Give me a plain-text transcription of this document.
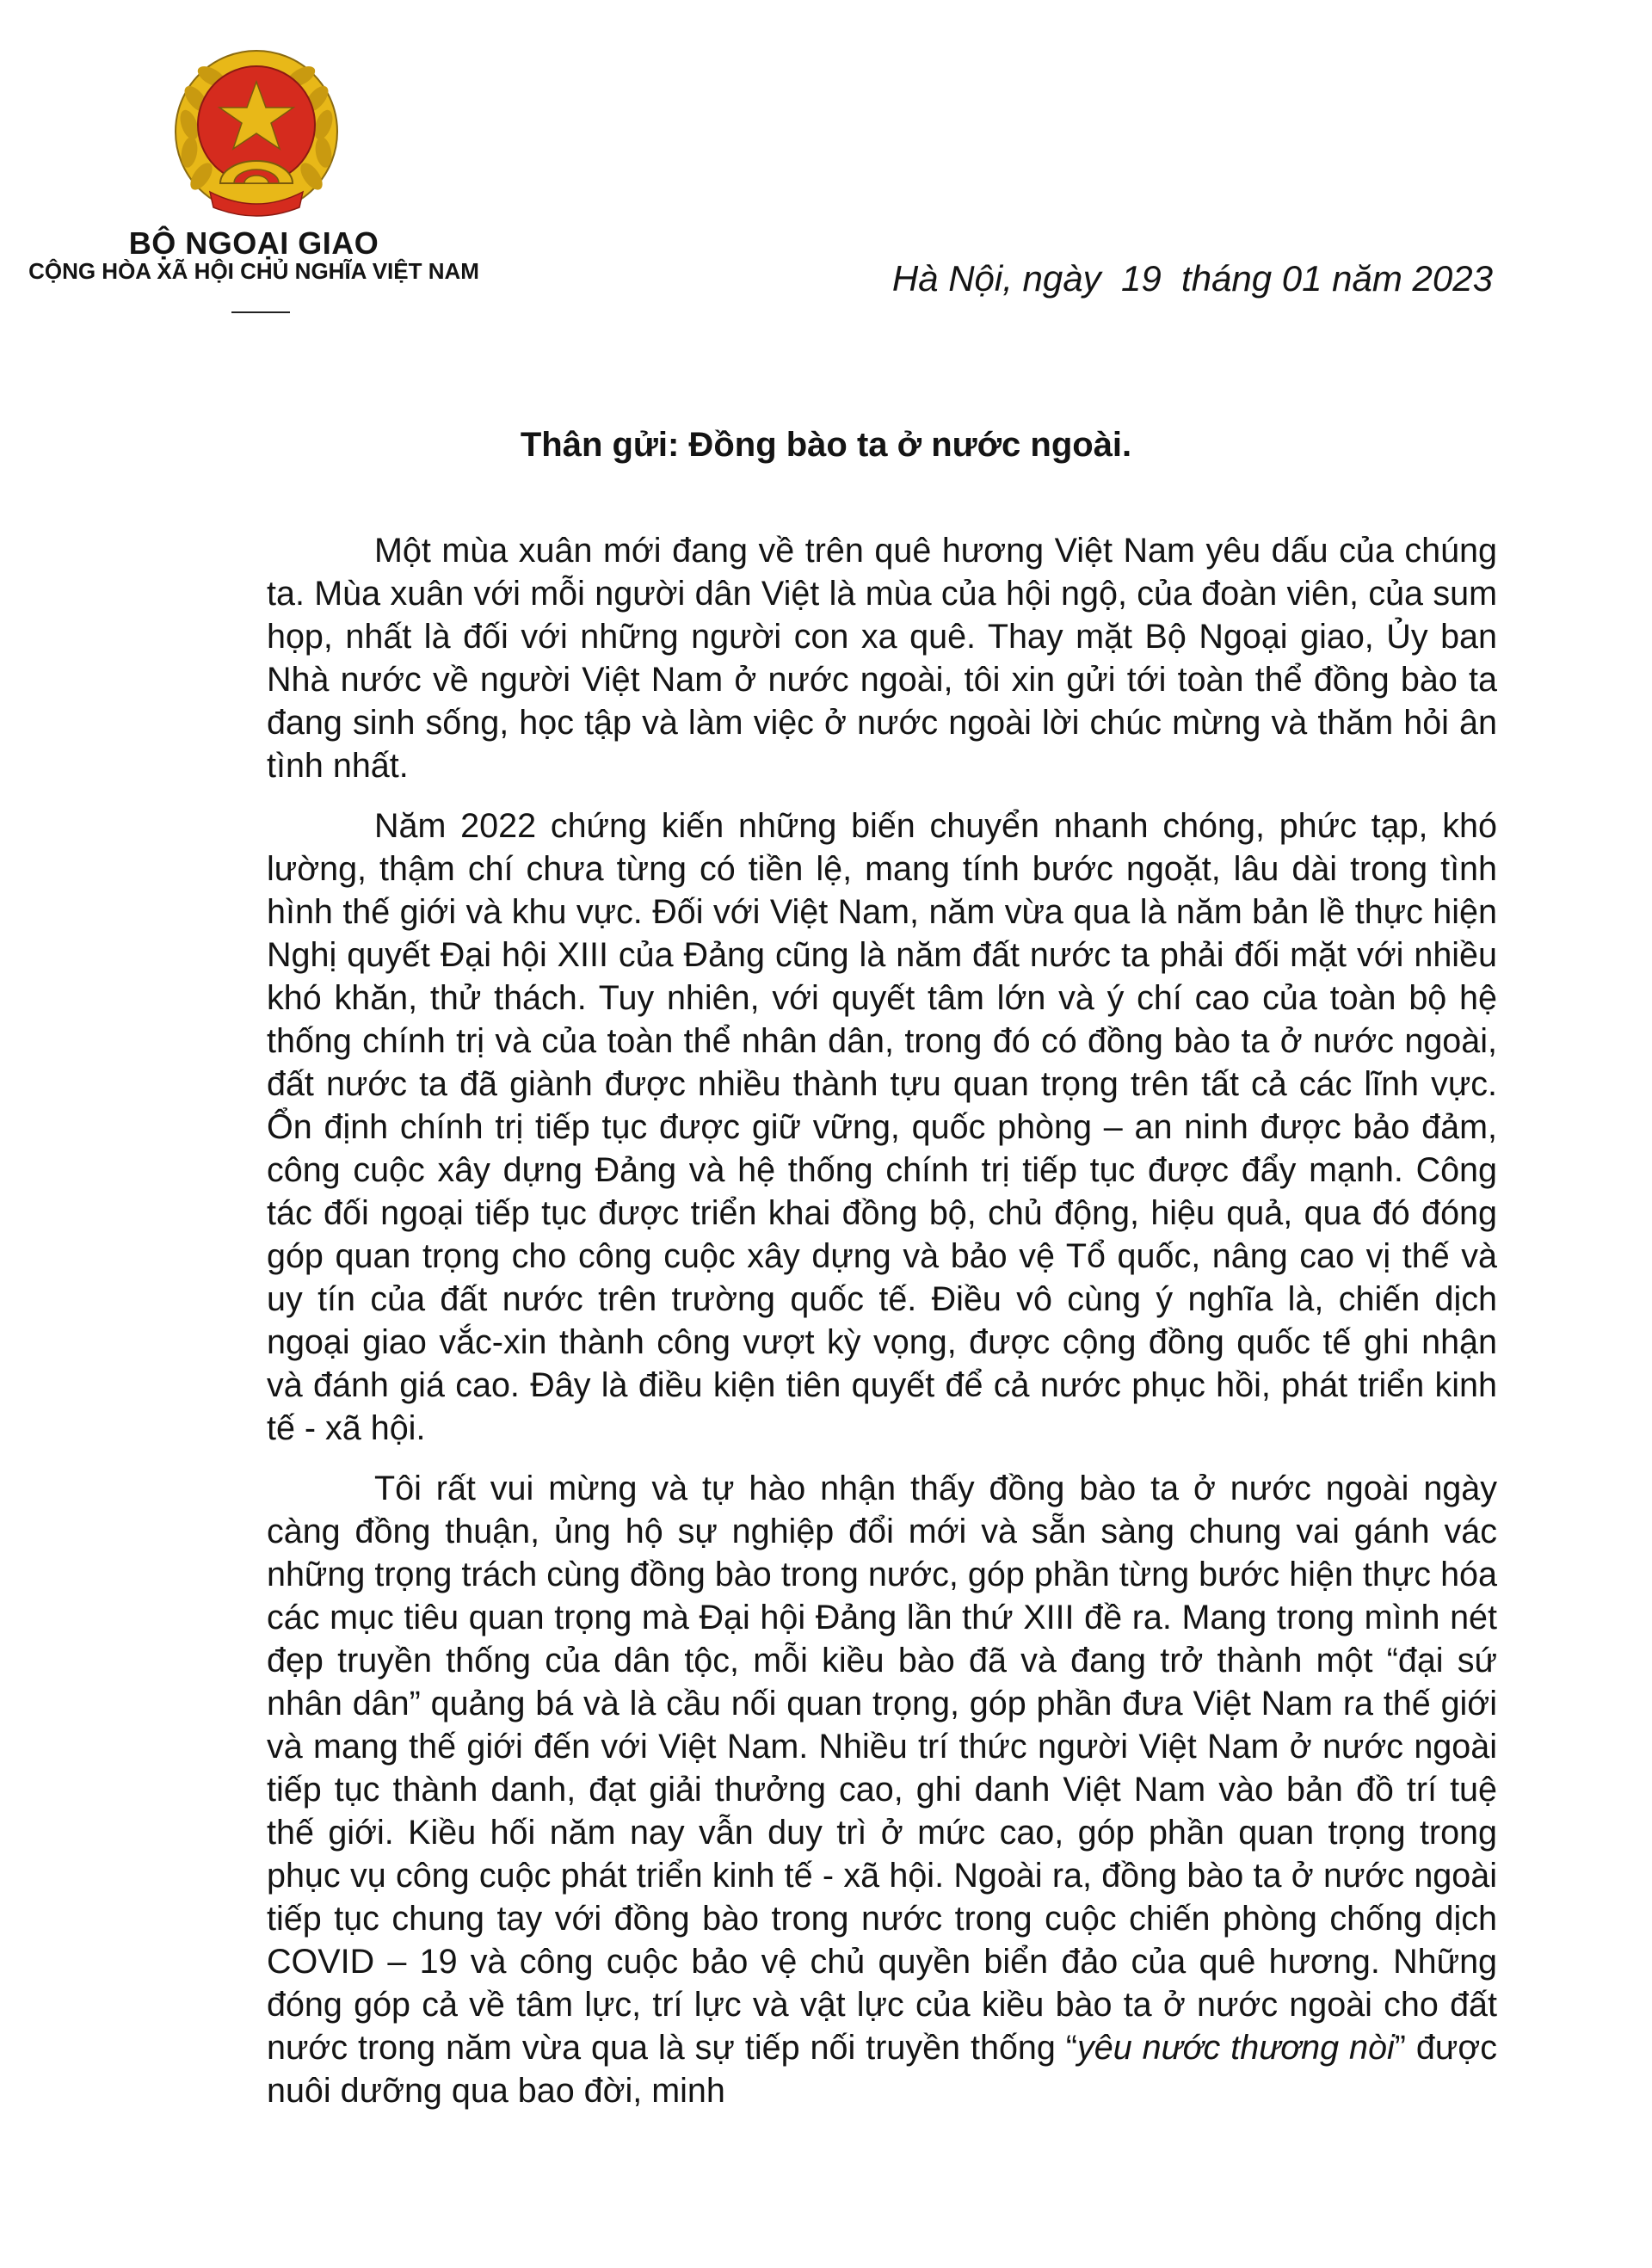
BỘ NGOẠI GIAO
CỘNG HÒA XÃ HỘI CHỦ NGHĨA VIỆT NAM	Hà Nội, ngày  19  tháng 01 năm 2023
Thân gửi: Đồng bào ta ở nước ngoài.

Một mùa xuân mới đang về trên quê hương Việt Nam yêu dấu của chúng ta. Mùa xuân với mỗi người dân Việt là mùa của hội ngộ, của đoàn viên, của sum họp, nhất là đối với những người con xa quê. Thay mặt Bộ Ngoại giao, Ủy ban Nhà nước về người Việt Nam ở nước ngoài, tôi xin gửi tới toàn thể đồng bào ta đang sinh sống, học tập và làm việc ở nước ngoài lời chúc mừng và thăm hỏi ân tình nhất.

Năm 2022 chứng kiến những biến chuyển nhanh chóng, phức tạp, khó lường, thậm chí chưa từng có tiền lệ, mang tính bước ngoặt, lâu dài trong tình hình thế giới và khu vực. Đối với Việt Nam, năm vừa qua là năm bản lề thực hiện Nghị quyết Đại hội XIII của Đảng cũng là năm đất nước ta phải đối mặt với nhiều khó khăn, thử thách. Tuy nhiên, với quyết tâm lớn và ý chí cao của toàn bộ hệ thống chính trị và của toàn thể nhân dân, trong đó có đồng bào ta ở nước ngoài, đất nước ta đã giành được nhiều thành tựu quan trọng trên tất cả các lĩnh vực. Ổn định chính trị tiếp tục được giữ vững, quốc phòng – an ninh được bảo đảm, công cuộc xây dựng Đảng và hệ thống chính trị tiếp tục được đẩy mạnh. Công tác đối ngoại tiếp tục được triển khai đồng bộ, chủ động, hiệu quả, qua đó đóng góp quan trọng cho công cuộc xây dựng và bảo vệ Tổ quốc, nâng cao vị thế và uy tín của đất nước trên trường quốc tế. Điều vô cùng ý nghĩa là, chiến dịch ngoại giao vắc-xin thành công vượt kỳ vọng, được cộng đồng quốc tế ghi nhận và đánh giá cao. Đây là điều kiện tiên quyết để cả nước phục hồi, phát triển kinh tế - xã hội.

Tôi rất vui mừng và tự hào nhận thấy đồng bào ta ở nước ngoài ngày càng đồng thuận, ủng hộ sự nghiệp đổi mới và sẵn sàng chung vai gánh vác những trọng trách cùng đồng bào trong nước, góp phần từng bước hiện thực hóa các mục tiêu quan trọng mà Đại hội Đảng lần thứ XIII đề ra. Mang trong mình nét đẹp truyền thống của dân tộc, mỗi kiều bào đã và đang trở thành một “đại sứ nhân dân” quảng bá và là cầu nối quan trọng, góp phần đưa Việt Nam ra thế giới và mang thế giới đến với Việt Nam. Nhiều trí thức người Việt Nam ở nước ngoài tiếp tục thành danh, đạt giải thưởng cao, ghi danh Việt Nam vào bản đồ trí tuệ thế giới. Kiều hối năm nay vẫn duy trì ở mức cao, góp phần quan trọng trong phục vụ công cuộc phát triển kinh tế - xã hội. Ngoài ra, đồng bào ta ở nước ngoài tiếp tục chung tay với đồng bào trong nước trong cuộc chiến phòng chống dịch COVID – 19 và công cuộc bảo vệ chủ quyền biển đảo của quê hương. Những đóng góp cả về tâm lực, trí lực và vật lực của kiều bào ta ở nước ngoài cho đất nước trong năm vừa qua là sự tiếp nối truyền thống “yêu nước thương nòi” được nuôi dưỡng qua bao đời, minh
